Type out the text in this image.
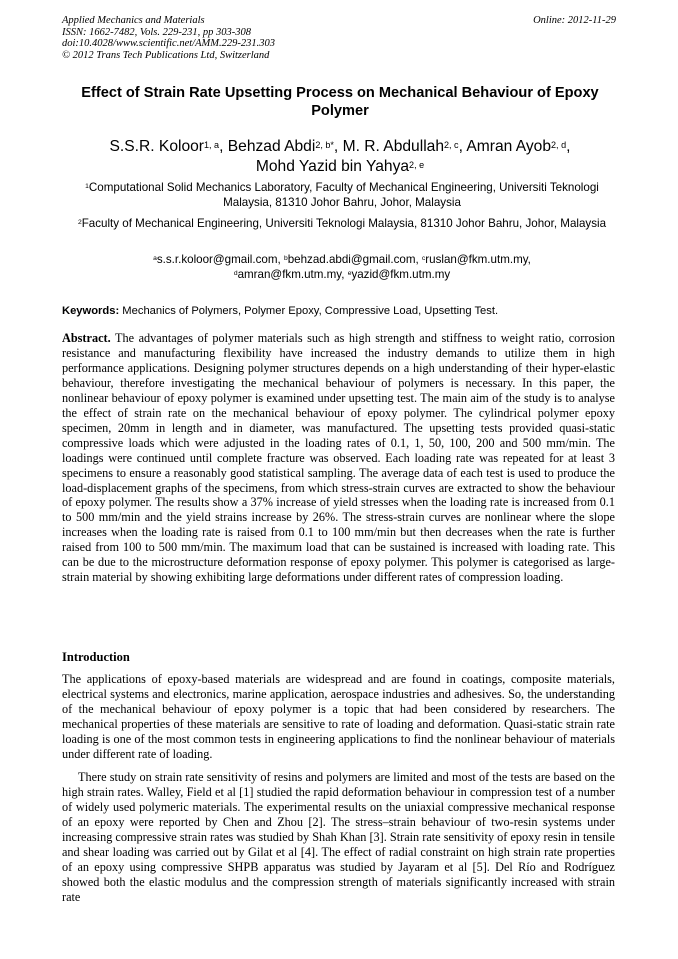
Applied Mechanics and Materials
ISSN: 1662-7482, Vols. 229-231, pp 303-308
doi:10.4028/www.scientific.net/AMM.229-231.303
© 2012 Trans Tech Publications Ltd, Switzerland
Online: 2012-11-29
Effect of Strain Rate Upsetting Process on Mechanical Behaviour of Epoxy Polymer
S.S.R. Koloor$^{1, a}$, Behzad Abdi$^{2, b*}$, M. R. Abdullah$^{2, c}$, Amran Ayob$^{2, d}$,
Mohd Yazid bin Yahya$^{2, e}$
$^1$Computational Solid Mechanics Laboratory, Faculty of Mechanical Engineering, Universiti Teknologi Malaysia, 81310 Johor Bahru, Johor, Malaysia
$^2$Faculty of Mechanical Engineering, Universiti Teknologi Malaysia, 81310 Johor Bahru, Johor, Malaysia
$^a$s.s.r.koloor@gmail.com, $^b$behzad.abdi@gmail.com, $^c$ruslan@fkm.utm.my,
$^d$amran@fkm.utm.my, $^e$yazid@fkm.utm.my
Keywords: Mechanics of Polymers, Polymer Epoxy, Compressive Load, Upsetting Test.
Abstract. The advantages of polymer materials such as high strength and stiffness to weight ratio, corrosion resistance and manufacturing flexibility have increased the industry demands to utilize them in high performance applications. Designing polymer structures depends on a high understanding of their hyper-elastic behaviour, therefore investigating the mechanical behaviour of polymers is necessary. In this paper, the nonlinear behaviour of epoxy polymer is examined under upsetting test. The main aim of the study is to analyse the effect of strain rate on the mechanical behaviour of epoxy polymer. The cylindrical polymer epoxy specimen, 20mm in length and in diameter, was manufactured. The upsetting tests provided quasi-static compressive loads which were adjusted in the loading rates of 0.1, 1, 50, 100, 200 and 500 mm/min. The loadings were continued until complete fracture was observed. Each loading rate was repeated for at least 3 specimens to ensure a reasonably good statistical sampling. The average data of each test is used to produce the load-displacement graphs of the specimens, from which stress-strain curves are extracted to show the behaviour of epoxy polymer. The results show a 37% increase of yield stresses when the loading rate is increased from 0.1 to 500 mm/min and the yield strains increase by 26%. The stress-strain curves are nonlinear where the slope increases when the loading rate is raised from 0.1 to 100 mm/min but then decreases when the rate is further raised from 100 to 500 mm/min. The maximum load that can be sustained is increased with loading rate. This can be due to the microstructure deformation response of epoxy polymer. This polymer is categorised as large-strain material by showing exhibiting large deformations under different rates of compression loading.
Introduction

The applications of epoxy-based materials are widespread and are found in coatings, composite materials, electrical systems and electronics, marine application, aerospace industries and adhesives. So, the understanding of the mechanical behaviour of epoxy polymer is a topic that had been considered by researchers. The mechanical properties of these materials are sensitive to rate of loading and deformation. Quasi-static strain rate loading is one of the most common tests in engineering applications to find the nonlinear behaviour of materials under different rate of loading.

There study on strain rate sensitivity of resins and polymers are limited and most of the tests are based on the high strain rates. Walley, Field et al [1] studied the rapid deformation behaviour in compression test of a number of widely used polymeric materials. The experimental results on the uniaxial compressive mechanical response of an epoxy were reported by Chen and Zhou [2]. The stress–strain behaviour of two-resin systems under increasing compressive strain rates was studied by Shah Khan [3]. Strain rate sensitivity of epoxy resin in tensile and shear loading was carried out by Gilat et al [4]. The effect of radial constraint on high strain rate properties of an epoxy using compressive SHPB apparatus was studied by Jayaram et al [5]. Del Río and Rodríguez showed both the elastic modulus and the compression strength of materials significantly increased with strain rate
